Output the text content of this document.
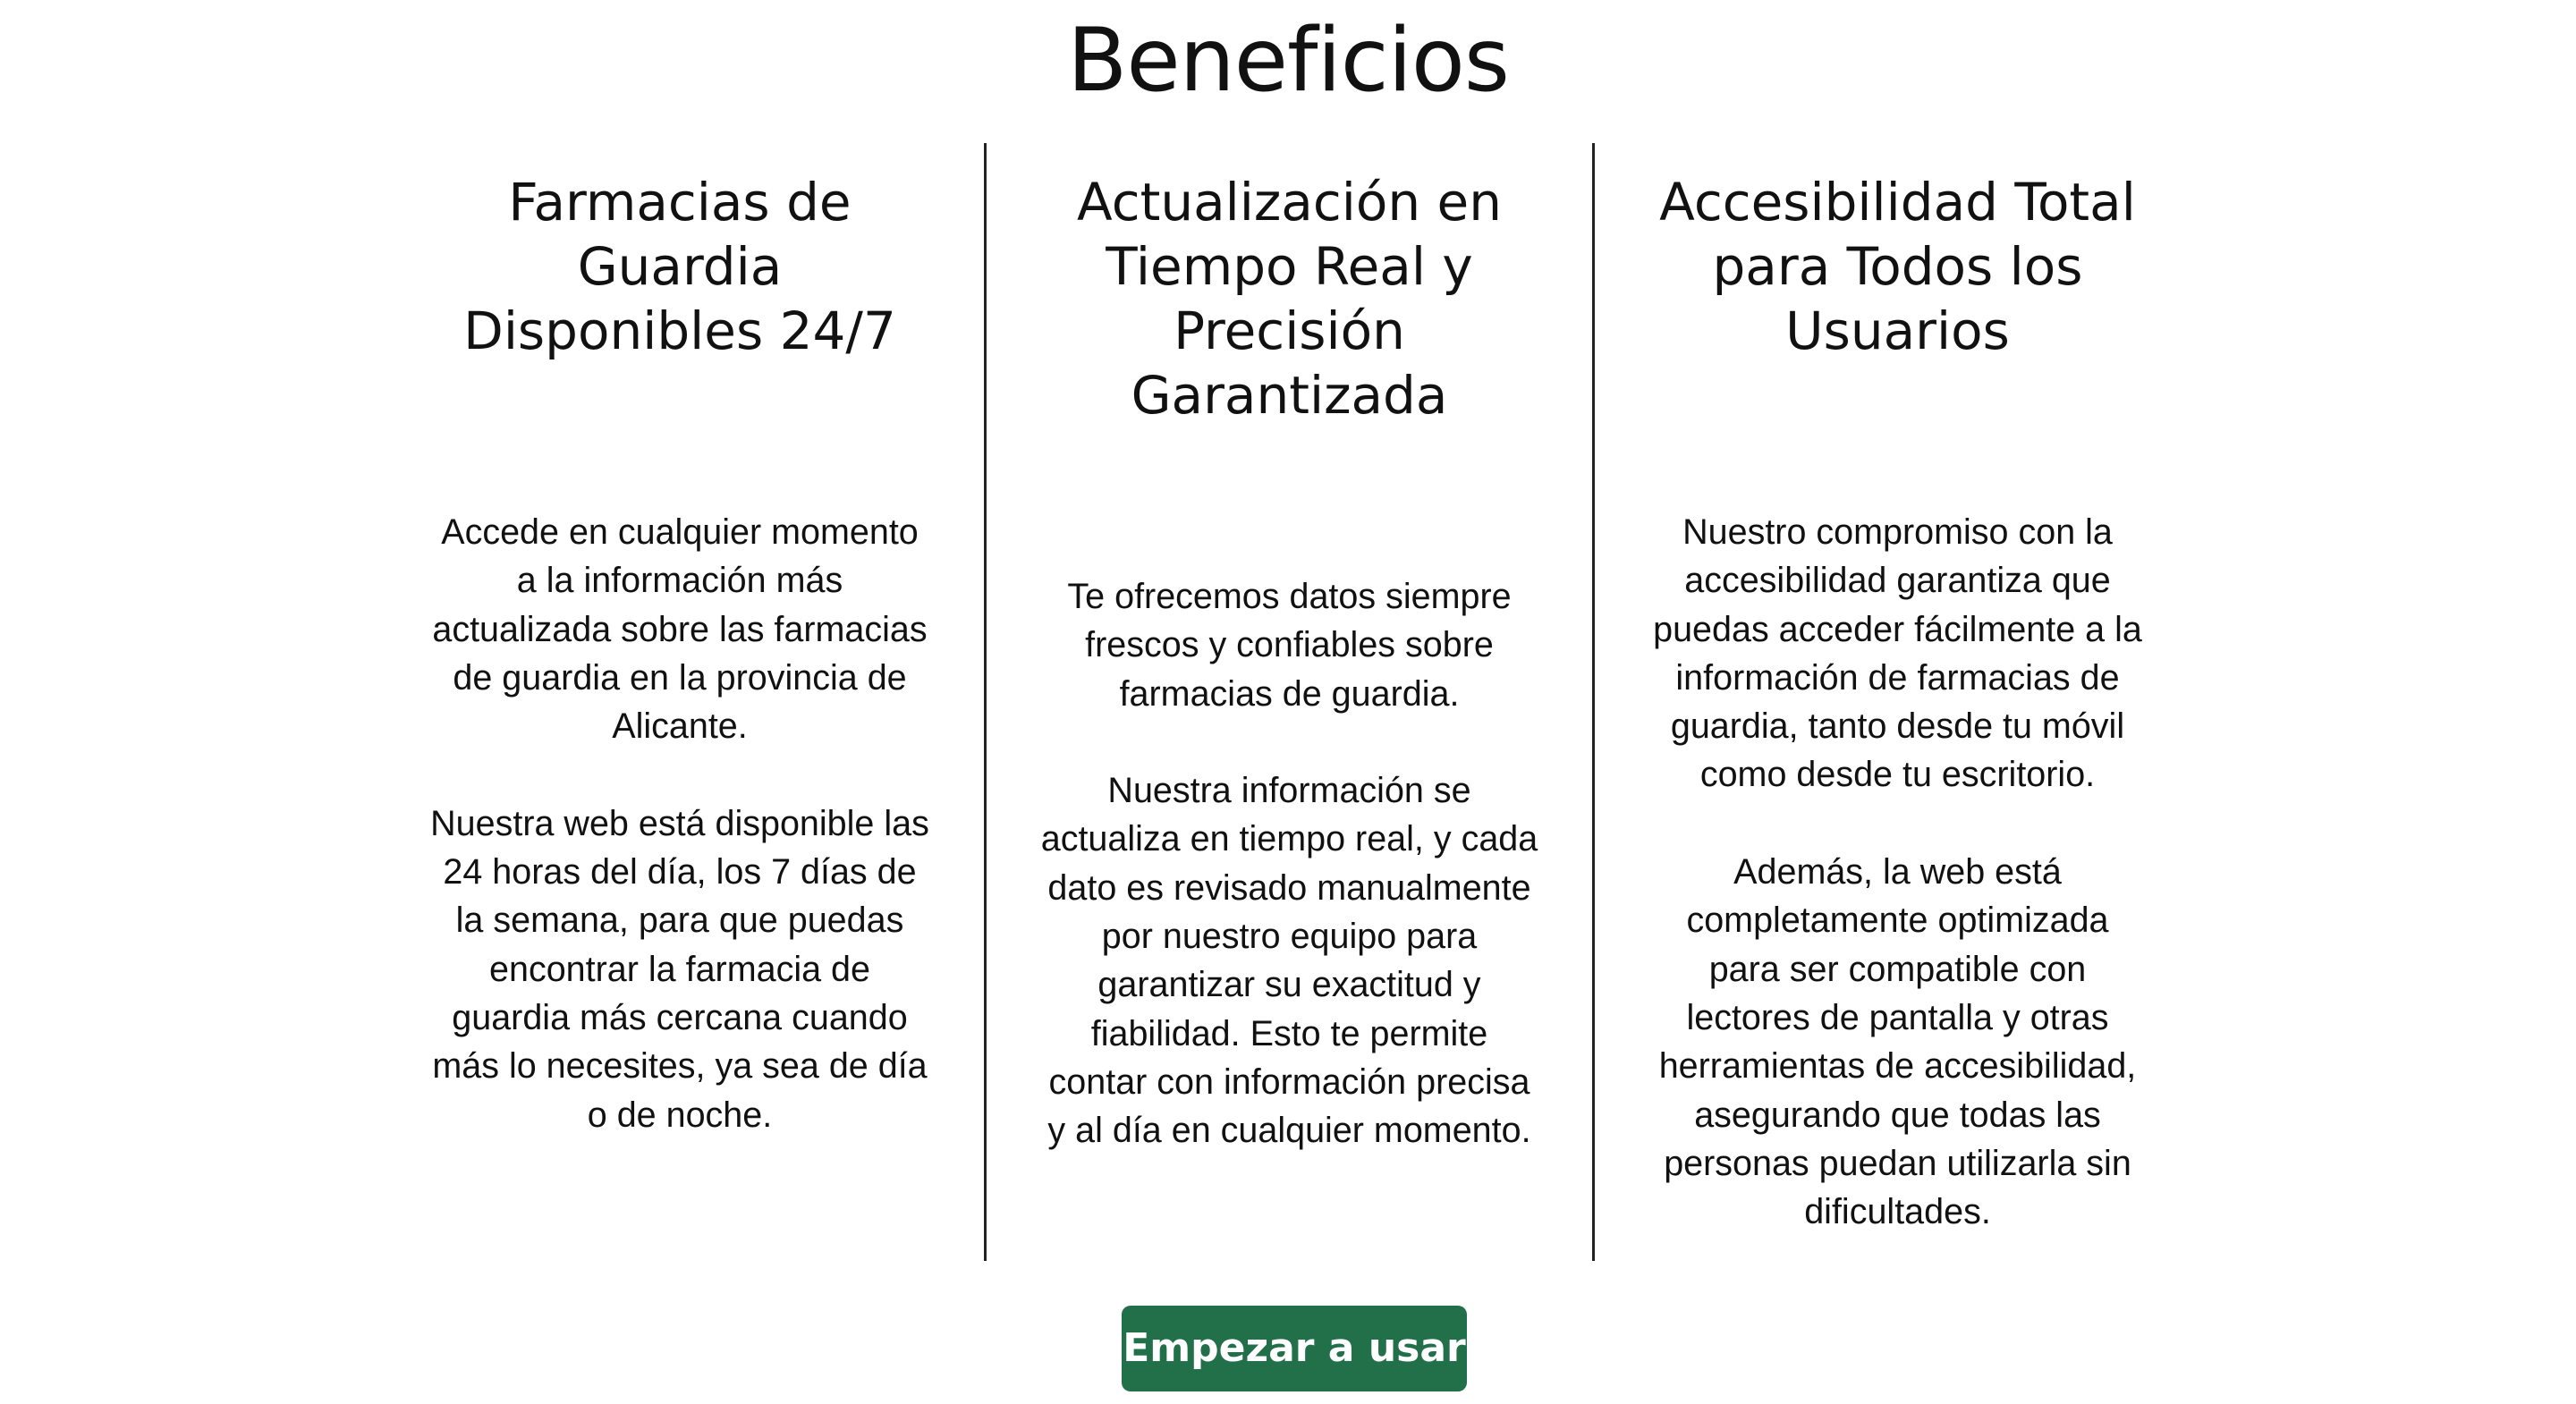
Beneficios
Farmacias de Guardia Disponibles 24/7

Accede en cualquier momento a la información más actualizada sobre las farmacias de guardia en la provincia de Alicante.

Nuestra web está disponible las 24 horas del día, los 7 días de la semana, para que puedas encontrar la farmacia de guardia más cercana cuando más lo necesites, ya sea de día o de noche.

Actualización en Tiempo Real y Precisión Garantizada

Te ofrecemos datos siempre frescos y confiables sobre farmacias de guardia.

Nuestra información se actualiza en tiempo real, y cada dato es revisado manualmente por nuestro equipo para garantizar su exactitud y fiabilidad. Esto te permite contar con información precisa y al día en cualquier momento.

Accesibilidad Total para Todos los Usuarios

Nuestro compromiso con la accesibilidad garantiza que puedas acceder fácilmente a la información de farmacias de guardia, tanto desde tu móvil como desde tu escritorio.

Además, la web está completamente optimizada para ser compatible con lectores de pantalla y otras herramientas de accesibilidad, asegurando que todas las personas puedan utilizarla sin dificultades.

Empezar a usar
